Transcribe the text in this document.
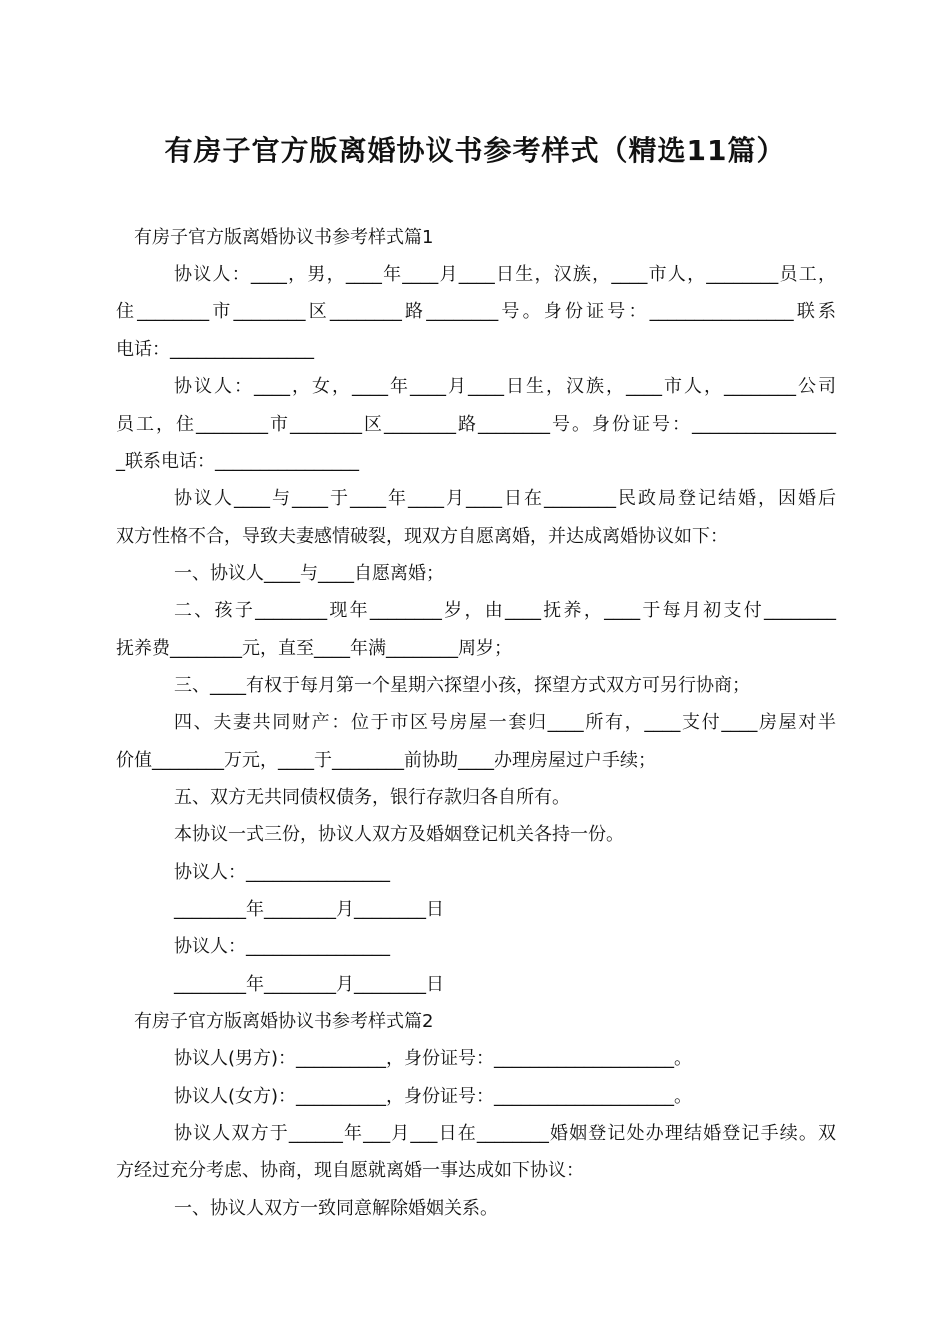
有房子官方版离婚协议书参考样式（精选11篇）
有房子官方版离婚协议书参考样式篇1
协议人：____，男，____年____月____日生，汉族，____市人，________员工，
住________市________区________路________号。身份证号：________________联系
电话：________________
协议人：____，女，____年____月____日生，汉族，____市人，________公司
员工，住________市________区________路________号。身份证号：________________
_联系电话：________________
协议人____与____于____年____月____日在________民政局登记结婚，因婚后
双方性格不合，导致夫妻感情破裂，现双方自愿离婚，并达成离婚协议如下：
一、协议人____与____自愿离婚；
二、孩子________现年________岁，由____抚养，____于每月初支付________
抚养费________元，直至____年满________周岁；
三、____有权于每月第一个星期六探望小孩，探望方式双方可另行协商；
四、夫妻共同财产：位于市区号房屋一套归____所有，____支付____房屋对半
价值________万元，____于________前协助____办理房屋过户手续；
五、双方无共同债权债务，银行存款归各自所有。
本协议一式三份，协议人双方及婚姻登记机关各持一份。
协议人：________________
________年________月________日
协议人：________________
________年________月________日
有房子官方版离婚协议书参考样式篇2
协议人(男方)：__________，身份证号：____________________。
协议人(女方)：__________，身份证号：____________________。
协议人双方于______年___月___日在________婚姻登记处办理结婚登记手续。双
方经过充分考虑、协商，现自愿就离婚一事达成如下协议：
一、协议人双方一致同意解除婚姻关系。
